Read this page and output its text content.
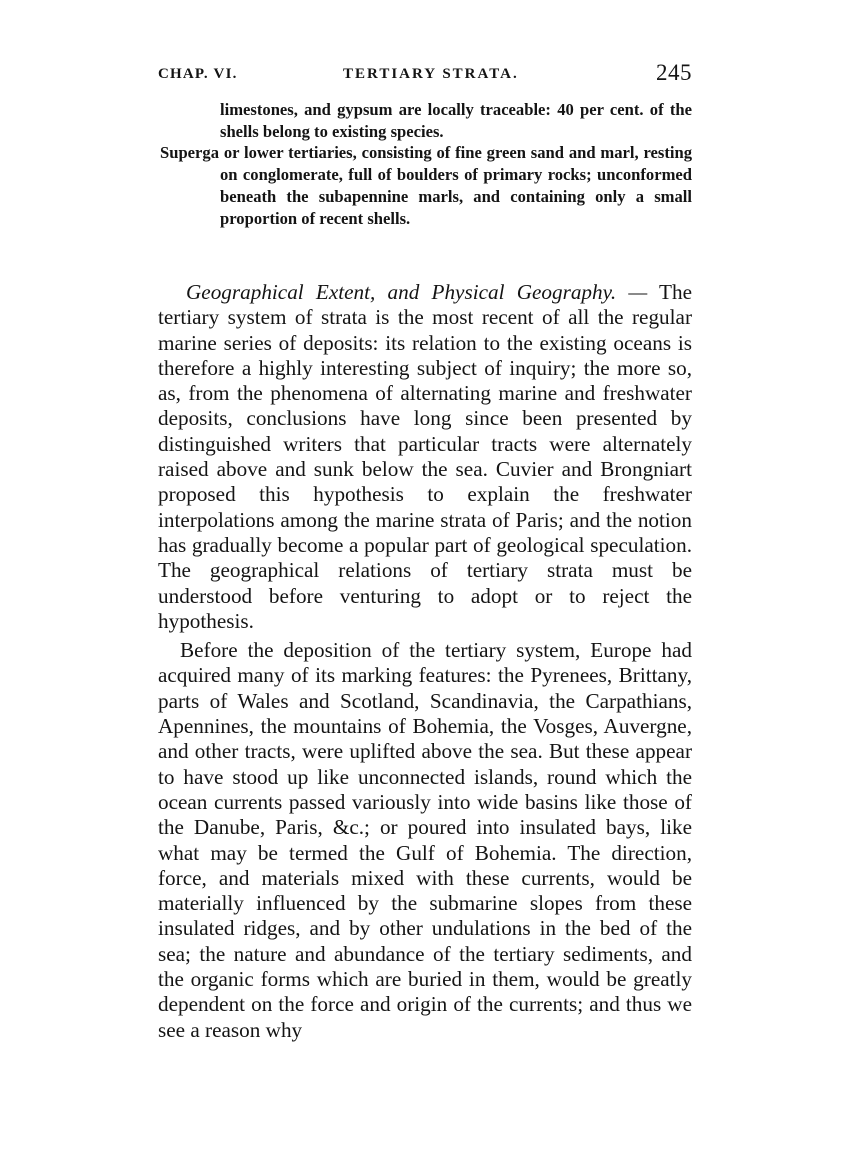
CHAP. VI.	TERTIARY STRATA.	245

limestones, and gypsum are locally traceable: 40 per cent. of the shells belong to existing species.

Superga or lower tertiaries, consisting of fine green sand and marl, resting on conglomerate, full of boulders of primary rocks; unconformed beneath the subapennine marls, and containing only a small proportion of recent shells.

Geographical Extent, and Physical Geography. — The tertiary system of strata is the most recent of all the regular marine series of deposits: its relation to the existing oceans is therefore a highly interesting subject of inquiry; the more so, as, from the phenomena of alternating marine and freshwater deposits, conclusions have long since been presented by distinguished writers that particular tracts were alternately raised above and sunk below the sea. Cuvier and Brongniart proposed this hypothesis to explain the freshwater interpolations among the marine strata of Paris; and the notion has gradually become a popular part of geological speculation. The geographical relations of tertiary strata must be understood before venturing to adopt or to reject the hypothesis.

Before the deposition of the tertiary system, Europe had acquired many of its marking features: the Pyrenees, Brittany, parts of Wales and Scotland, Scandinavia, the Carpathians, Apennines, the mountains of Bohemia, the Vosges, Auvergne, and other tracts, were uplifted above the sea. But these appear to have stood up like unconnected islands, round which the ocean currents passed variously into wide basins like those of the Danube, Paris, &c.; or poured into insulated bays, like what may be termed the Gulf of Bohemia. The direction, force, and materials mixed with these currents, would be materially influenced by the submarine slopes from these insulated ridges, and by other undulations in the bed of the sea; the nature and abundance of the tertiary sediments, and the organic forms which are buried in them, would be greatly dependent on the force and origin of the currents; and thus we see a reason why
